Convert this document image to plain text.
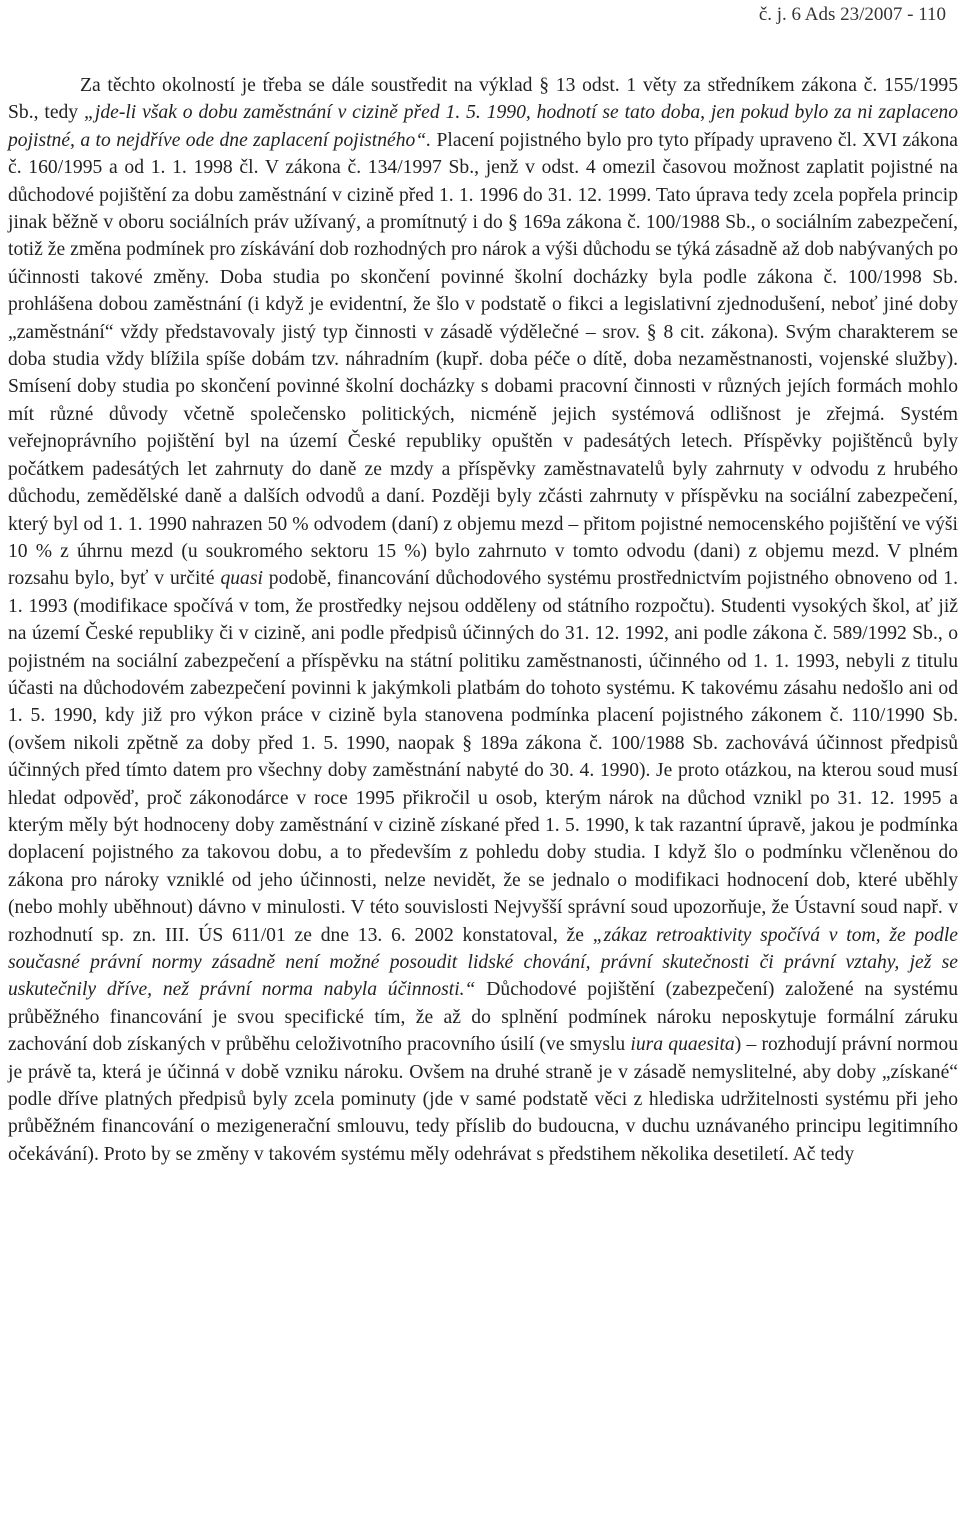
č. j. 6 Ads 23/2007 - 110

Za těchto okolností je třeba se dále soustředit na výklad § 13 odst. 1 věty za středníkem zákona č. 155/1995 Sb., tedy „jde-li však o dobu zaměstnání v cizině před 1. 5. 1990, hodnotí se tato doba, jen pokud bylo za ni zaplaceno pojistné, a to nejdříve ode dne zaplacení pojistného“. Placení pojistného bylo pro tyto případy upraveno čl. XVI zákona č. 160/1995 a od 1. 1. 1998 čl. V zákona č. 134/1997 Sb., jenž v odst. 4 omezil časovou možnost zaplatit pojistné na důchodové pojištění za dobu zaměstnání v cizině před 1. 1. 1996 do 31. 12. 1999. Tato úprava tedy zcela popřela princip jinak běžně v oboru sociálních práv užívaný, a promítnutý i do § 169a zákona č. 100/1988 Sb., o sociálním zabezpečení, totiž že změna podmínek pro získávání dob rozhodných pro nárok a výši důchodu se týká zásadně až dob nabývaných po účinnosti takové změny. Doba studia po skončení povinné školní docházky byla podle zákona č. 100/1998 Sb. prohlášena dobou zaměstnání (i když je evidentní, že šlo v podstatě o fikci a legislativní zjednodušení, neboť jiné doby „zaměstnání“ vždy představovaly jistý typ činnosti v zásadě výdělečné – srov. § 8 cit. zákona). Svým charakterem se doba studia vždy blížila spíše dobám tzv. náhradním (kupř. doba péče o dítě, doba nezaměstnanosti, vojenské služby). Smísení doby studia po skončení povinné školní docházky s dobami pracovní činnosti v různých jejích formách mohlo mít různé důvody včetně společensko politických, nicméně jejich systémová odlišnost je zřejmá. Systém veřejnoprávního pojištění byl na území České republiky opuštěn v padesátých letech. Příspěvky pojištěnců byly počátkem padesátých let zahrnuty do daně ze mzdy a příspěvky zaměstnavatelů byly zahrnuty v odvodu z hrubého důchodu, zemědělské daně a dalších odvodů a daní. Později byly zčásti zahrnuty v příspěvku na sociální zabezpečení, který byl od 1. 1. 1990 nahrazen 50 % odvodem (daní) z objemu mezd – přitom pojistné nemocenského pojištění ve výši 10 % z úhrnu mezd (u soukromého sektoru 15 %) bylo zahrnuto v tomto odvodu (dani) z objemu mezd. V plném rozsahu bylo, byť v určité quasi podobě, financování důchodového systému prostřednictvím pojistného obnoveno od 1. 1. 1993 (modifikace spočívá v tom, že prostředky nejsou odděleny od státního rozpočtu). Studenti vysokých škol, ať již na území České republiky či v cizině, ani podle předpisů účinných do 31. 12. 1992, ani podle zákona č. 589/1992 Sb., o pojistném na sociální zabezpečení a příspěvku na státní politiku zaměstnanosti, účinného od 1. 1. 1993, nebyli z titulu účasti na důchodovém zabezpečení povinni k jakýmkoli platbám do tohoto systému. K takovému zásahu nedošlo ani od 1. 5. 1990, kdy již pro výkon práce v cizině byla stanovena podmínka placení pojistného zákonem č. 110/1990 Sb. (ovšem nikoli zpětně za doby před 1. 5. 1990, naopak § 189a zákona č. 100/1988 Sb. zachovává účinnost předpisů účinných před tímto datem pro všechny doby zaměstnání nabyté do 30. 4. 1990). Je proto otázkou, na kterou soud musí hledat odpověď, proč zákonodárce v roce 1995 přikročil u osob, kterým nárok na důchod vznikl po 31. 12. 1995 a kterým měly být hodnoceny doby zaměstnání v cizině získané před 1. 5. 1990, k tak razantní úpravě, jakou je podmínka doplacení pojistného za takovou dobu, a to především z pohledu doby studia. I když šlo o podmínku včleněnou do zákona pro nároky vzniklé od jeho účinnosti, nelze nevidět, že se jednalo o modifikaci hodnocení dob, které uběhly (nebo mohly uběhnout) dávno v minulosti. V této souvislosti Nejvyšší správní soud upozorňuje, že Ústavní soud např. v rozhodnutí sp. zn. III. ÚS 611/01 ze dne 13. 6. 2002 konstatoval, že „zákaz retroaktivity spočívá v tom, že podle současné právní normy zásadně není možné posoudit lidské chování, právní skutečnosti či právní vztahy, jež se uskutečnily dříve, než právní norma nabyla účinnosti.“ Důchodové pojištění (zabezpečení) založené na systému průběžného financování je svou specifické tím, že až do splnění podmínek nároku neposkytuje formální záruku zachování dob získaných v průběhu celoživotního pracovního úsilí (ve smyslu iura quaesita) – rozhodují právní normou je právě ta, která je účinná v době vzniku nároku. Ovšem na druhé straně je v zásadě nemyslitelné, aby doby „získané“ podle dříve platných předpisů byly zcela pominuty (jde v samé podstatě věci z hlediska udržitelnosti systému při jeho průběžném financování o mezigenerační smlouvu, tedy příslib do budoucna, v duchu uznávaného principu legitimního očekávání). Proto by se změny v takovém systému měly odehrávat s předstihem několika desetiletí. Ač tedy
